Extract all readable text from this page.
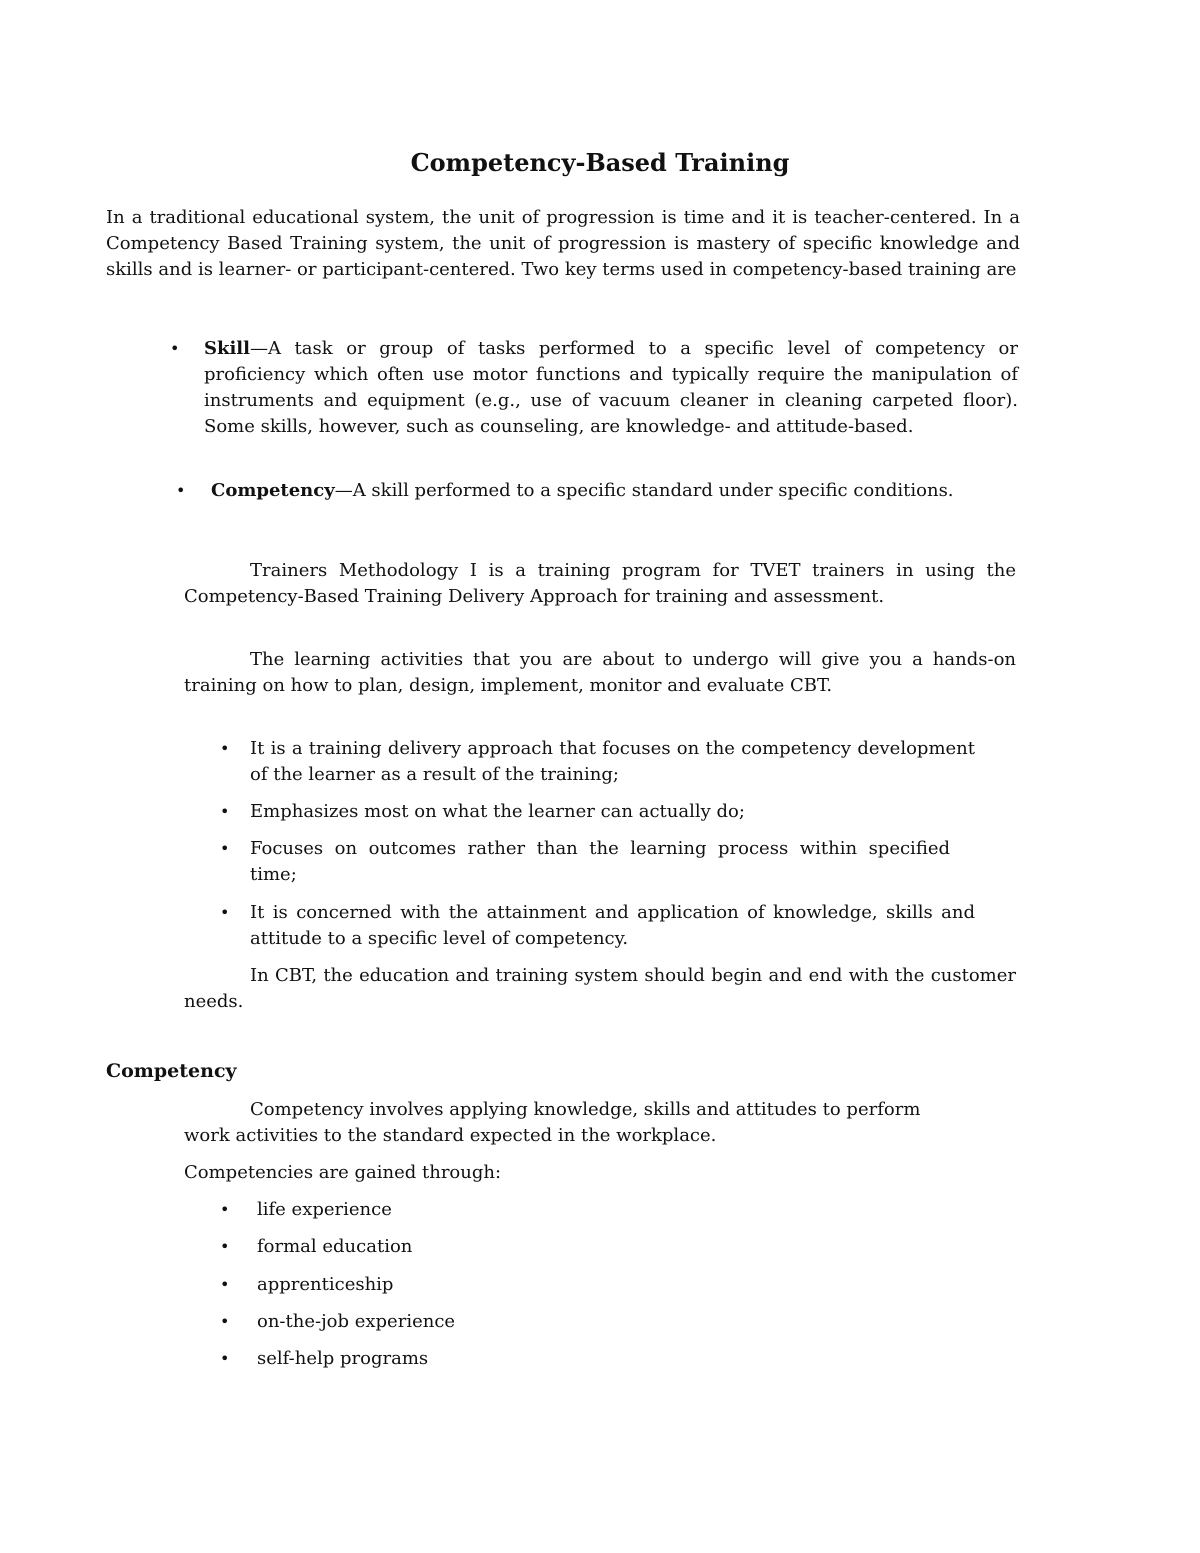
Competency-Based Training

In a traditional educational system, the unit of progression is time and it is teacher-centered. In a Competency Based Training system, the unit of progression is mastery of specific knowledge and skills and is learner- or participant-centered. Two key terms used in competency-based training are

• Skill—A task or group of tasks performed to a specific level of competency or proficiency which often use motor functions and typically require the manipulation of instruments and equipment (e.g., use of vacuum cleaner in cleaning carpeted floor). Some skills, however, such as counseling, are knowledge- and attitude-based.

• Competency—A skill performed to a specific standard under specific conditions.

Trainers Methodology I is a training program for TVET trainers in using the Competency-Based Training Delivery Approach for training and assessment.

The learning activities that you are about to undergo will give you a hands-on training on how to plan, design, implement, monitor and evaluate CBT.

• It is a training delivery approach that focuses on the competency development of the learner as a result of the training;

• Emphasizes most on what the learner can actually do;

• Focuses on outcomes rather than the learning process within specified time;

• It is concerned with the attainment and application of knowledge, skills and attitude to a specific level of competency.

In CBT, the education and training system should begin and end with the customer needs.

Competency

Competency involves applying knowledge, skills and attitudes to perform work activities to the standard expected in the workplace.

Competencies are gained through:

• life experience

• formal education

• apprenticeship

• on-the-job experience

• self-help programs
